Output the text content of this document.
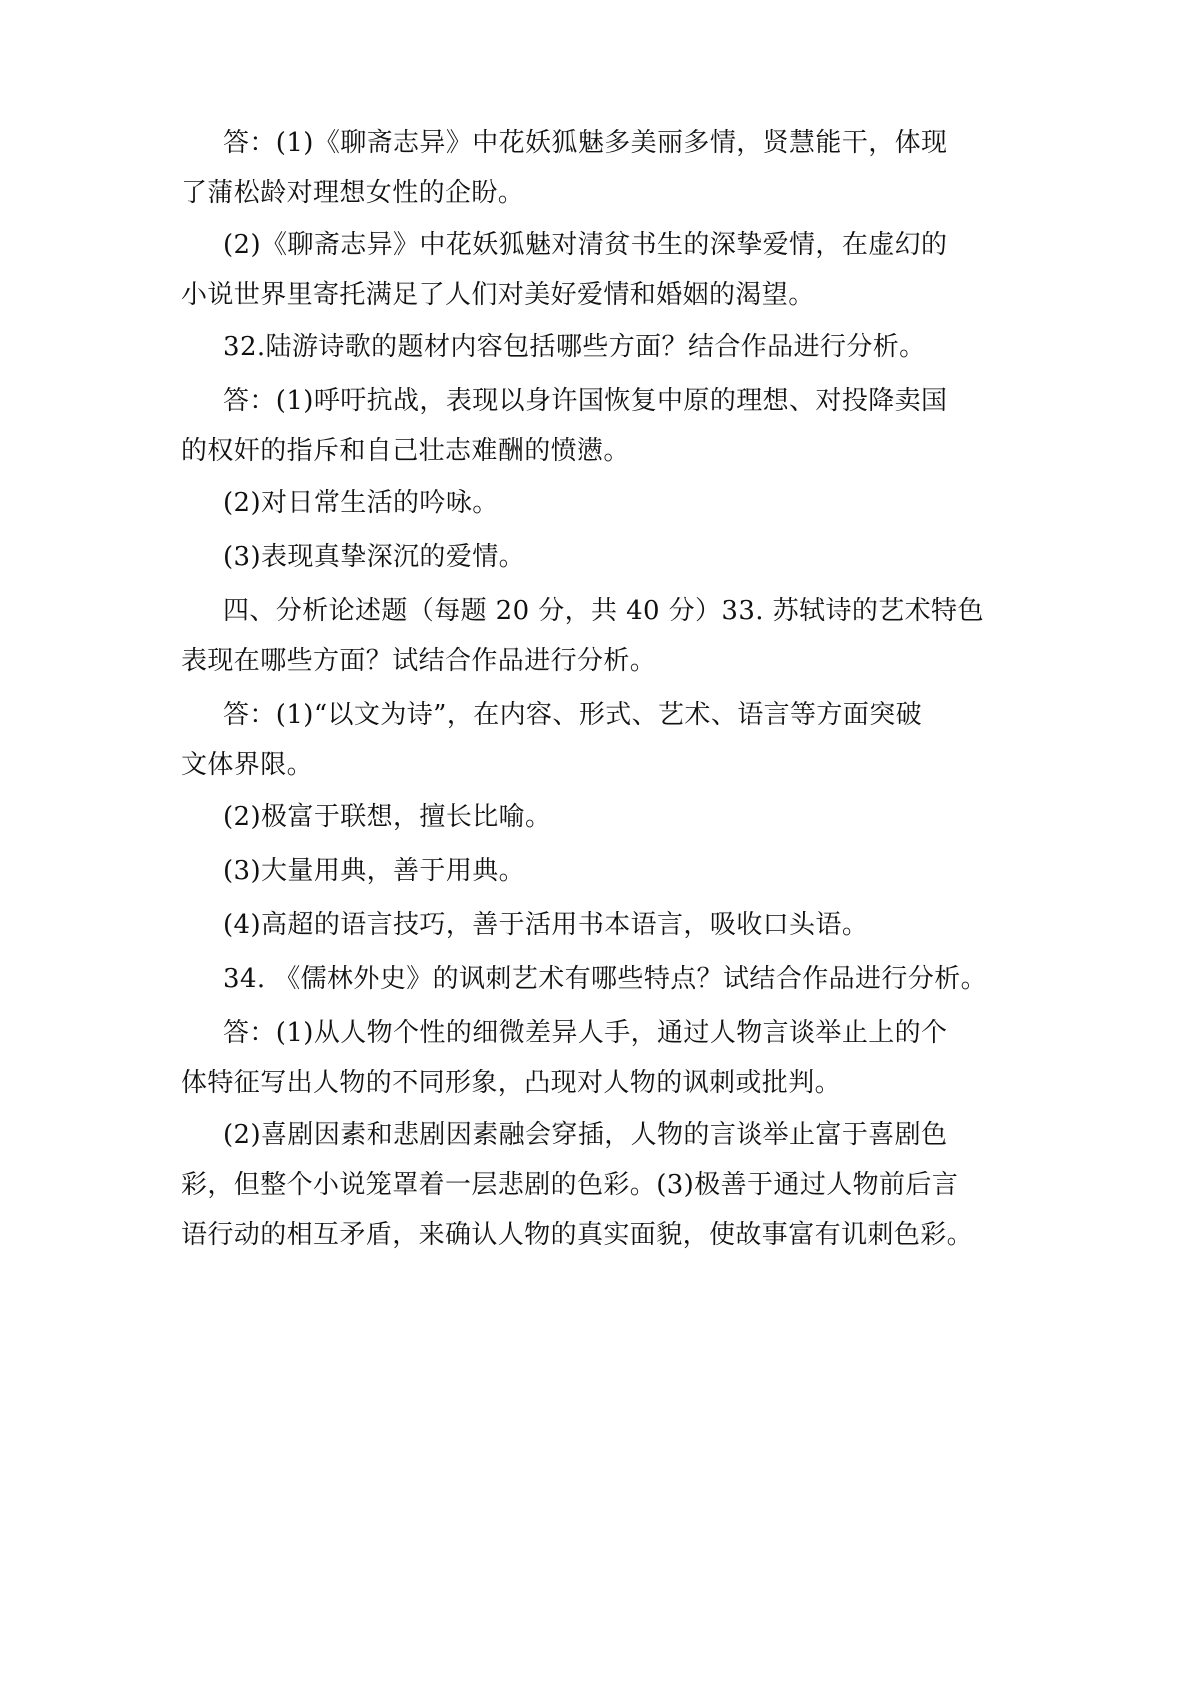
答：(1)《聊斋志异》中花妖狐魅多美丽多情，贤慧能干，体现
了蒲松龄对理想女性的企盼。
(2)《聊斋志异》中花妖狐魅对清贫书生的深挚爱情，在虚幻的
小说世界里寄托满足了人们对美好爱情和婚姻的渴望。
32.陆游诗歌的题材内容包括哪些方面？结合作品进行分析。
答：(1)呼吁抗战，表现以身许国恢复中原的理想、对投降卖国
的权奸的指斥和自己壮志难酬的愤懑。
(2)对日常生活的吟咏。
(3)表现真挚深沉的爱情。
四、分析论述题（每题 20 分，共 40 分）33. 苏轼诗的艺术特色
表现在哪些方面？试结合作品进行分析。
答：(1)“以文为诗”，在内容、形式、艺术、语言等方面突破
文体界限。
(2)极富于联想，擅长比喻。
(3)大量用典，善于用典。
(4)高超的语言技巧，善于活用书本语言，吸收口头语。
34. 《儒林外史》的讽刺艺术有哪些特点？试结合作品进行分析。
答：(1)从人物个性的细微差异人手，通过人物言谈举止上的个
体特征写出人物的不同形象，凸现对人物的讽刺或批判。
(2)喜剧因素和悲剧因素融会穿插，人物的言谈举止富于喜剧色
彩，但整个小说笼罩着一层悲剧的色彩。(3)极善于通过人物前后言
语行动的相互矛盾，来确认人物的真实面貌，使故事富有讥刺色彩。
